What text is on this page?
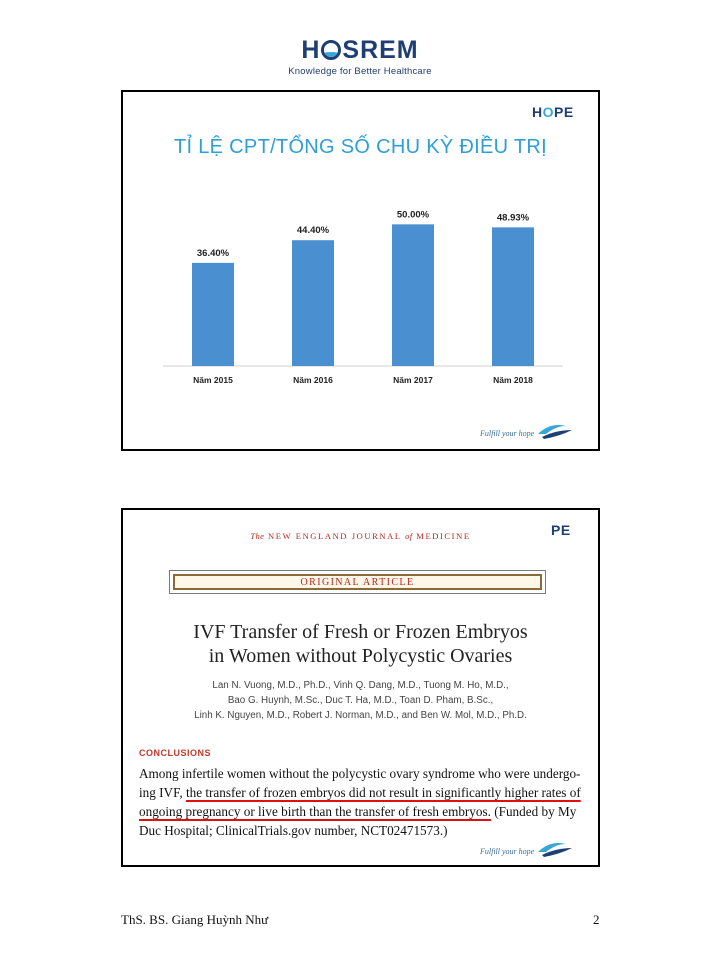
H SREM
Knowledge for Better Healthcare
HOPE
TỈ LỆ CPT/TỔNG SỐ CHU KỲ ĐIỀU TRỊ
36.40%
Năm 2015
44.40%
Năm 2016
50.00%
Năm 2017
48.93%
Năm 2018
Fulfill your hope
PE
The NEW ENGLAND JOURNAL of MEDICINE
ORIGINAL ARTICLE
IVF Transfer of Fresh or Frozen Embryos
in Women without Polycystic Ovaries
Lan N. Vuong, M.D., Ph.D., Vinh Q. Dang, M.D., Tuong M. Ho, M.D.,
Bao G. Huynh, M.Sc., Duc T. Ha, M.D., Toan D. Pham, B.Sc.,
Linh K. Nguyen, M.D., Robert J. Norman, M.D., and Ben W. Mol, M.D., Ph.D.
CONCLUSIONS
Among infertile women without the polycystic ovary syndrome who were undergo-ing IVF, the transfer of frozen embryos did not result in significantly higher rates of ongoing pregnancy or live birth than the transfer of fresh embryos. (Funded by My Duc Hospital; ClinicalTrials.gov number, NCT02471573.)
Fulfill your hope
ThS. BS. Giang Huỳnh Như	2
